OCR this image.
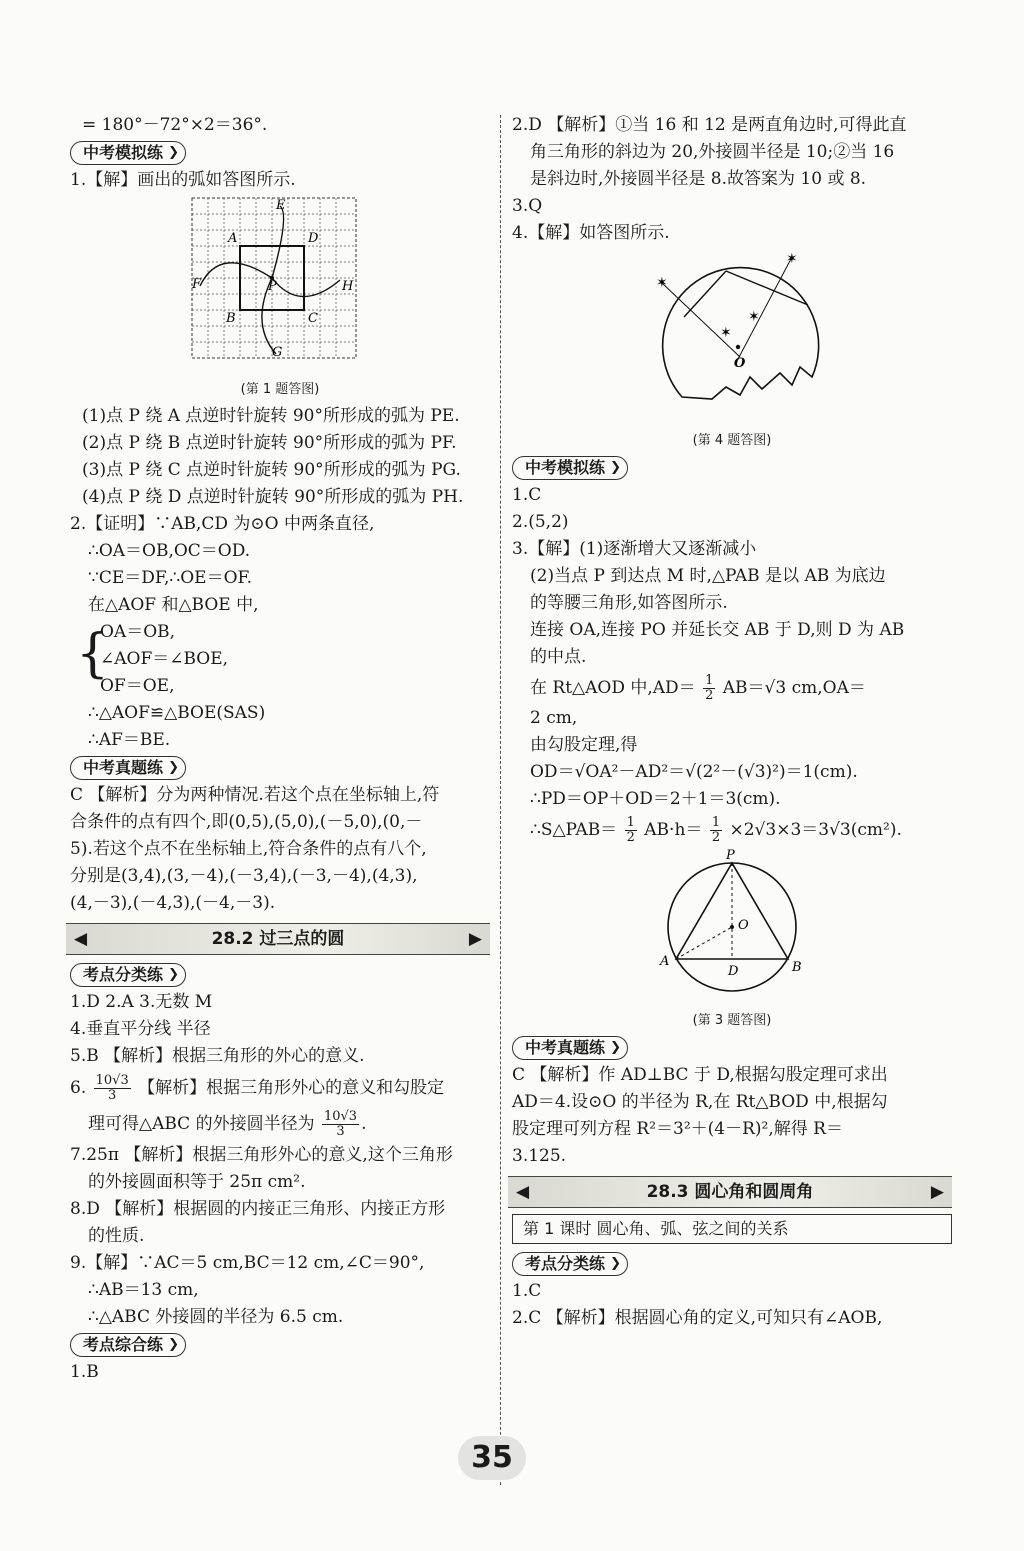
= 180°－72°×2＝36°.
中考模拟练 ❯
1.【解】画出的弧如答图所示.
E
A	D
F	P	H
B	C
G
(第 1 题答图)
(1)点 P 绕 A 点逆时针旋转 90°所形成的弧为 PE.
(2)点 P 绕 B 点逆时针旋转 90°所形成的弧为 PF.
(3)点 P 绕 C 点逆时针旋转 90°所形成的弧为 PG.
(4)点 P 绕 D 点逆时针旋转 90°所形成的弧为 PH.
2.【证明】∵AB,CD 为⊙O 中两条直径,
∴OA＝OB,OC＝OD.
∵CE＝DF,∴OE＝OF.
在△AOF 和△BOE 中,
{
OA＝OB,
∠AOF＝∠BOE,
OF＝OE,
∴△AOF≌△BOE(SAS)
∴AF＝BE.
中考真题练 ❯
C 【解析】分为两种情况.若这个点在坐标轴上,符
合条件的点有四个,即(0,5),(5,0),(－5,0),(0,－
5).若这个点不在坐标轴上,符合条件的点有八个,
分别是(3,4),(3,－4),(－3,4),(－3,－4),(4,3),
(4,－3),(－4,3),(－4,－3).
◀	28.2 过三点的圆	▶
考点分类练 ❯
1.D 2.A 3.无数 M
4.垂直平分线 半径
5.B 【解析】根据三角形的外心的意义.
6. $\frac{10√3}{3}$ 【解析】根据三角形外心的意义和勾股定
理可得△ABC 的外接圆半径为 $\frac{10√3}{3}$ .
7.25π 【解析】根据三角形外心的意义,这个三角形
的外接圆面积等于 25π cm².
8.D 【解析】根据圆的内接正三角形、内接正方形
的性质.
9.【解】∵AC＝5 cm,BC＝12 cm,∠C＝90°,
∴AB＝13 cm,
∴△ABC 外接圆的半径为 6.5 cm.
考点综合练 ❯
1.B
2.D 【解析】①当 16 和 12 是两直角边时,可得此直
角三角形的斜边为 20,外接圆半径是 10;②当 16
是斜边时,外接圆半径是 8.故答案为 10 或 8.
3.Q
4.【解】如答图所示.
✶
✶
✶
✶
O
(第 4 题答图)
中考模拟练 ❯
1.C
2.(5,2)
3.【解】(1)逐渐增大又逐渐减小
(2)当点 P 到达点 M 时,△PAB 是以 AB 为底边
的等腰三角形,如答图所示.
连接 OA,连接 PO 并延长交 AB 于 D,则 D 为 AB
的中点.
在 Rt△AOD 中$,AD= \frac{1}{2} AB=√3$ cm,OA＝
2 cm,
由勾股定理,得
OD＝√OA²－AD²＝√(2²－(√3)²)＝1(cm).
∴PD＝OP＋OD＝2＋1＝3(cm).
∴S△PAB＝ $\frac{1}{2} AB\cdot h= \frac{1}{2} \times 2√3\times 3=3√3(cm^2)$.
P
O
A
D	B
(第 3 题答图)
中考真题练 ❯
C 【解析】作 AD⊥BC 于 D,根据勾股定理可求出
AD＝4.设⊙O 的半径为 R,在 Rt△BOD 中,根据勾
股定理可列方程 R²＝3²＋(4－R)²,解得 R＝
3.125.
◀	28.3 圆心角和圆周角	▶
第 1 课时 圆心角、弧、弦之间的关系
考点分类练 ❯
1.C
2.C 【解析】根据圆心角的定义,可知只有∠AOB,
35
